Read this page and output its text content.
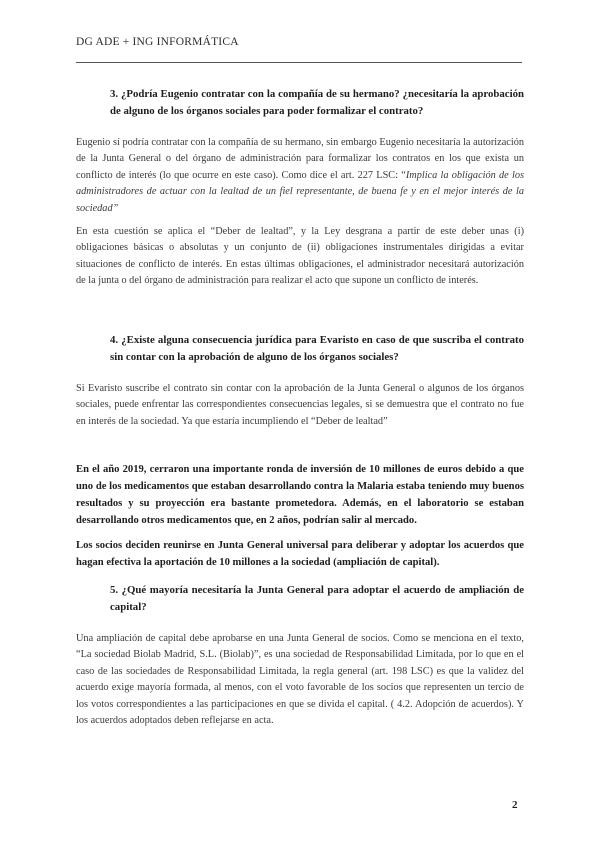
DG ADE + ING INFORMÁTICA
3. ¿Podría Eugenio contratar con la compañía de su hermano? ¿necesitaría la aprobación de alguno de los órganos sociales para poder formalizar el contrato?
Eugenio sí podría contratar con la compañía de su hermano, sin embargo Eugenio necesitaría la autorización de la Junta General o del órgano de administración para formalizar los contratos en los que exista un conflicto de interés (lo que ocurre en este caso). Como dice el art. 227 LSC: “Implica la obligación de los administradores de actuar con la lealtad de un fiel representante, de buena fe y en el mejor interés de la sociedad”
En esta cuestión se aplica el “Deber de lealtad”, y la Ley desgrana a partir de este deber unas (i) obligaciones básicas o absolutas y un conjunto de (ii) obligaciones instrumentales dirigidas a evitar situaciones de conflicto de interés. En estas últimas obligaciones, el administrador necesitará autorización de la junta o del órgano de administración para realizar el acto que supone un conflicto de interés.
4. ¿Existe alguna consecuencia jurídica para Evaristo en caso de que suscriba el contrato sin contar con la aprobación de alguno de los órganos sociales?
Si Evaristo suscribe el contrato sin contar con la aprobación de la Junta General o algunos de los órganos sociales, puede enfrentar las correspondientes consecuencias legales, si se demuestra que el contrato no fue en interés de la sociedad. Ya que estaría incumpliendo el “Deber de lealtad”
En el año 2019, cerraron una importante ronda de inversión de 10 millones de euros debido a que uno de los medicamentos que estaban desarrollando contra la Malaria estaba teniendo muy buenos resultados y su proyección era bastante prometedora. Además, en el laboratorio se estaban desarrollando otros medicamentos que, en 2 años, podrían salir al mercado.
Los socios deciden reunirse en Junta General universal para deliberar y adoptar los acuerdos que hagan efectiva la aportación de 10 millones a la sociedad (ampliación de capital).
5. ¿Qué mayoría necesitaría la Junta General para adoptar el acuerdo de ampliación de capital?
Una ampliación de capital debe aprobarse en una Junta General de socios. Como se menciona en el texto, “La sociedad Biolab Madrid, S.L. (Biolab)”, es una sociedad de Responsabilidad Limitada, por lo que en el caso de las sociedades de Responsabilidad Limitada, la regla general (art. 198 LSC) es que la validez del acuerdo exige mayoría formada, al menos, con el voto favorable de los socios que representen un tercio de los votos correspondientes a las participaciones en que se divida el capital. ( 4.2. Adopción de acuerdos). Y los acuerdos adoptados deben reflejarse en acta.
2
